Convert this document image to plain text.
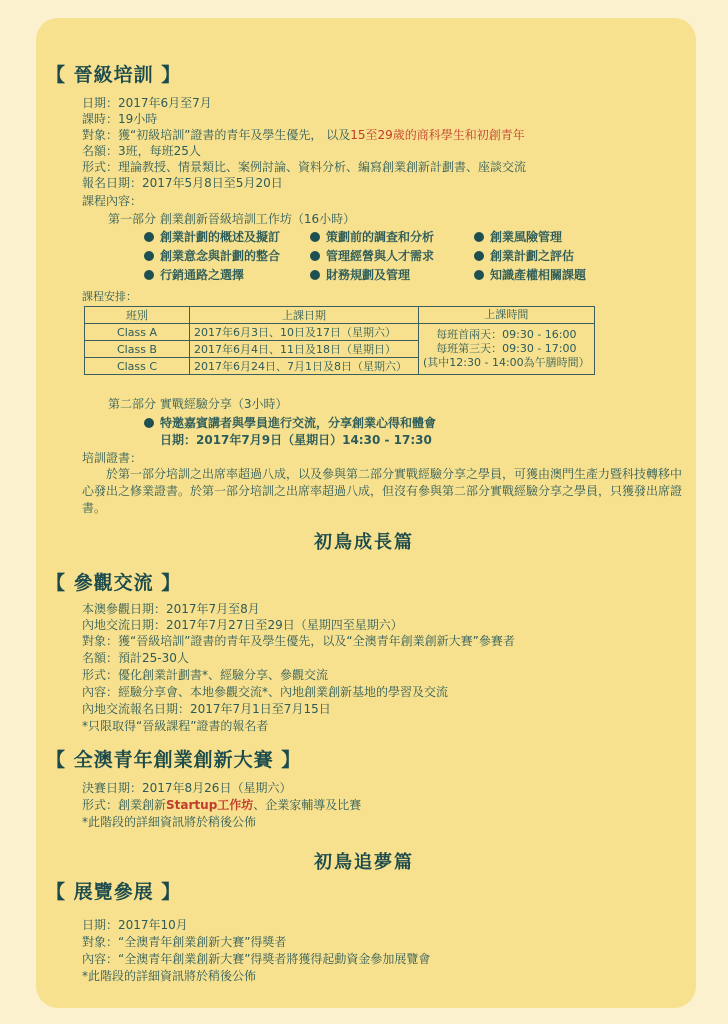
【 晉級培訓 】
日期：2017年6月至7月
課時：19小時
對象：獲“初級培訓”證書的青年及學生優先， 以及15至29歲的商科學生和初創青年
名額：3班，每班25人
形式：理論教授、情景類比、案例討論、資料分析、編寫創業創新計劃書、座談交流
報名日期：2017年5月8日至5月20日
課程內容：
第一部分 創業創新晉級培訓工作坊（16小時）
創業計劃的概述及擬訂	策劃前的調查和分析	創業風險管理
創業意念與計劃的整合	管理經營與人才需求	創業計劃之評估
行銷通路之選擇	財務規劃及管理	知識產權相關課題
課程安排：
班別	上課日期	上課時間
Class A	2017年6月3日、10日及17日（星期六）	每班首兩天：09:30 - 16:00
每班第三天：09:30 - 17:00
(其中12:30 - 14:00為午膳時間）

Class B	2017年6月4日、11日及18日（星期日）	
Class C	2017年6月24日、7月1日及8日（星期六）	
第二部分 實戰經驗分享（3小時）
特邀嘉賓講者與學員進行交流，分享創業心得和體會
日期：2017年7月9日（星期日）14:30 - 17:30
培訓證書：
於第一部分培訓之出席率超過八成，以及參與第二部分實戰經驗分享之學員，可獲由澳門生產力暨科技轉移中心發出之修業證書。於第一部分培訓之出席率超過八成，但沒有參與第二部分實戰經驗分享之學員，只獲發出席證書。
初鳥成長篇
【 參觀交流 】
本澳參觀日期：2017年7月至8月
內地交流日期：2017年7月27日至29日（星期四至星期六）
對象：獲“晉級培訓”證書的青年及學生優先，以及“全澳青年創業創新大賽”參賽者
名額：預計25-30人
形式：優化創業計劃書*、經驗分享、參觀交流
內容：經驗分享會、本地參觀交流*、內地創業創新基地的學習及交流
內地交流報名日期：2017年7月1日至7月15日
*只限取得“晉級課程”證書的報名者
【 全澳青年創業創新大賽 】
決賽日期：2017年8月26日（星期六）
形式：創業創新Startup工作坊、企業家輔導及比賽
*此階段的詳細資訊將於稍後公佈
初鳥追夢篇
【 展覽參展 】
日期：2017年10月
對象：“全澳青年創業創新大賽”得獎者
內容：“全澳青年創業創新大賽”得獎者將獲得起動資金參加展覽會
*此階段的詳細資訊將於稍後公佈
